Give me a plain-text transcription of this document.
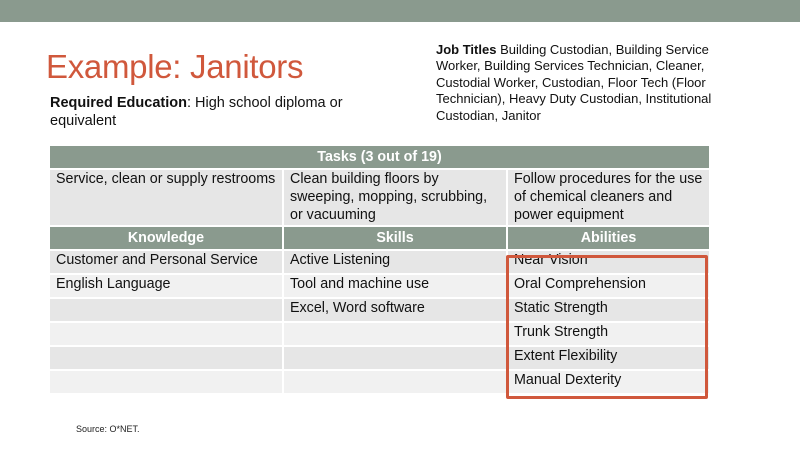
Example: Janitors
Required Education: High school diploma or equivalent
Job Titles Building Custodian, Building Service Worker, Building Services Technician, Cleaner, Custodial Worker, Custodian, Floor Tech (Floor Technician), Heavy Duty Custodian, Institutional Custodian, Janitor
Tasks (3 out of 19)		
Service, clean or supply restrooms	Clean building floors by sweeping, mopping, scrubbing, or vacuuming	Follow procedures for the use of chemical cleaners and power equipment
Knowledge	Skills	Abilities
Customer and Personal Service	Active Listening	Near Vision
English Language	Tool and machine use	Oral Comprehension
	Excel, Word software	Static Strength
		Trunk Strength
		Extent Flexibility
		Manual Dexterity
Source: O*NET.
